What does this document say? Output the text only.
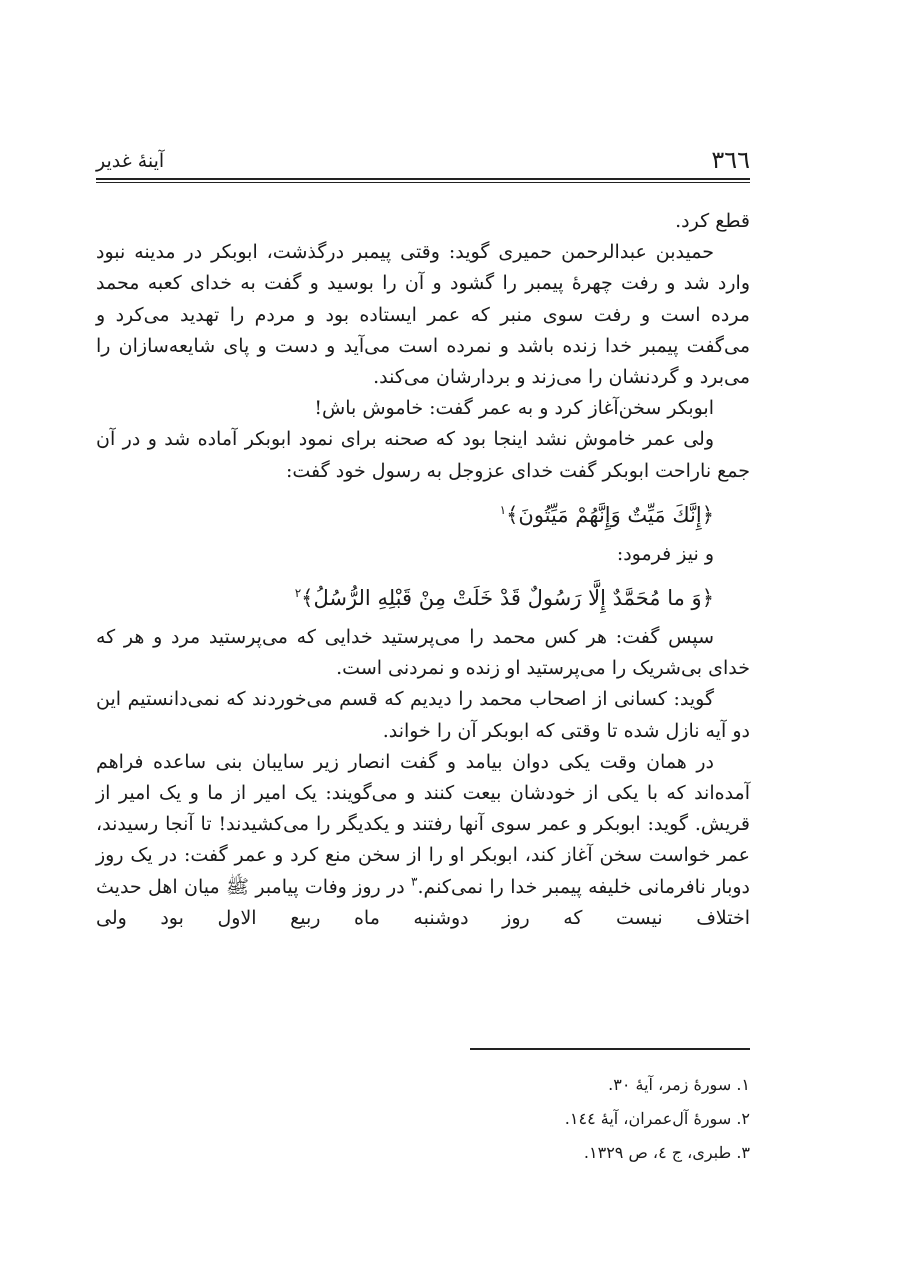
٣٦٦
آینهٔ غدیر

قطع کرد.

حمیدبن عبدالرحمن حمیری گوید: وقتی پیمبر درگذشت، ابوبکر در مدینه نبود وارد شد و رفت چهرهٔ پیمبر را گشود و آن را بوسید و گفت به خدای کعبه محمد مرده است و رفت سوی منبر که عمر ایستاده بود و مردم را تهدید می‌کرد و می‌گفت پیمبر خدا زنده باشد و نمرده است می‌آید و دست و پای شایعه‌سازان را می‌برد و گردنشان را می‌زند و بردارشان می‌کند.

ابوبکر سخن‌آغاز کرد و به عمر گفت: خاموش باش!

ولی عمر خاموش نشد اینجا بود که صحنه برای نمود ابوبکر آماده شد و در آن جمع ناراحت ابوبکر گفت خدای عزوجل به رسول خود گفت:

﴿إِنَّكَ مَيِّتٌ وَإِنَّهُمْ مَيِّتُونَ﴾$^١$

و نیز فرمود:

﴿وَ ما مُحَمَّدٌ إِلَّا رَسُولٌ قَدْ خَلَتْ مِنْ قَبْلِهِ الرُّسُلُ﴾$^٢$

سپس گفت: هر کس محمد را می‌پرستید خدایی که می‌پرستید مرد و هر که خدای بی‌شریک را می‌پرستید او زنده و نمردنی است.

گوید: کسانی از اصحاب محمد را دیدیم که قسم می‌خوردند که نمی‌دانستیم این دو آیه نازل شده تا وقتی که ابوبکر آن را خواند.

در همان وقت یکی دوان بیامد و گفت انصار زیر سایبان بنی ساعده فراهم آمده‌اند که با یکی از خودشان بیعت کنند و می‌گویند: یک امیر از ما و یک امیر از قریش. گوید: ابوبکر و عمر سوی آنها رفتند و یکدیگر را می‌کشیدند! تا آنجا رسیدند، عمر خواست سخن آغاز کند، ابوبکر او را از سخن منع کرد و عمر گفت: در یک روز دوبار نافرمانی خلیفه پیمبر خدا را نمی‌کنم.$^٣$ در روز وفات پیامبر ﷺ میان اهل حدیث اختلاف نیست که روز دوشنبه ماه ربیع الاول بود ولی

١. سورهٔ زمر، آیهٔ ٣٠.
٢. سورهٔ آل‌عمران، آیهٔ ١٤٤.
٣. طبری، ج ٤، ص ١٣٢٩.
